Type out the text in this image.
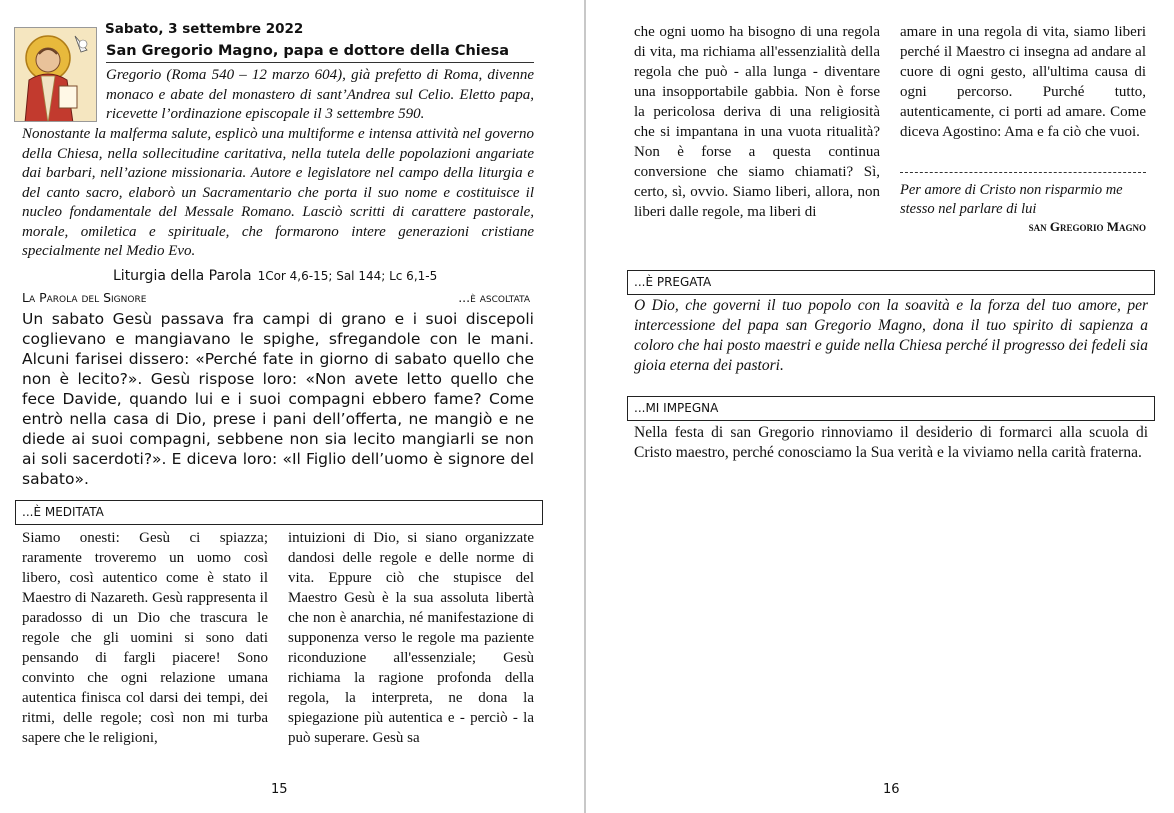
Sabato, 3 settembre 2022
San Gregorio Magno, papa e dottore della Chiesa
Gregorio (Roma 540 – 12 marzo 604), già prefetto di Roma, divenne monaco e abate del monastero di sant’Andrea sul Celio. Eletto papa, ricevette l’ordinazione episcopale il 3 settembre 590.
Nonostante la malferma salute, esplicò una multiforme e intensa attività nel governo della Chiesa, nella sollecitudine caritativa, nella tutela delle popolazioni angariate dai barbari, nell’azione missionaria. Autore e legislatore nel campo della liturgia e del canto sacro, elaborò un Sacramentario che porta il suo nome e costituisce il nucleo fondamentale del Messale Romano. Lasciò scritti di carattere pastorale, morale, omiletica e spirituale, che formarono intere generazioni cristiane specialmente nel Medio Evo.
Liturgia della Parola 1Cor 4,6-15; Sal 144; Lc 6,1-5
La Parola del Signore	...è ascoltata
Un sabato Gesù passava fra campi di grano e i suoi discepoli coglievano e mangiavano le spighe, sfregandole con le mani. Alcuni farisei dissero: «Perché fate in giorno di sabato quello che non è lecito?». Gesù rispose loro: «Non avete letto quello che fece Davide, quando lui e i suoi compagni ebbero fame? Come entrò nella casa di Dio, prese i pani dell’offerta, ne mangiò e ne diede ai suoi compagni, sebbene non sia lecito mangiarli se non ai soli sacerdoti?». E diceva loro: «Il Figlio dell’uomo è signore del sabato».
...È MEDITATA
Siamo onesti: Gesù ci spiazza; raramente troveremo un uomo così libero, così autentico come è stato il Maestro di Nazareth. Gesù rappresenta il paradosso di un Dio che trascura le regole che gli uomini si sono dati pensando di fargli piacere! Sono convinto che ogni relazione umana autentica finisca col darsi dei tempi, dei ritmi, delle regole; così non mi turba sapere che le religioni,
intuizioni di Dio, si siano organizzate dandosi delle regole e delle norme di vita. Eppure ciò che stupisce del Maestro Gesù è la sua assoluta libertà che non è anarchia, né manifestazione di supponenza verso le regole ma paziente riconduzione all'essenziale; Gesù richiama la ragione profonda della regola, la interpreta, ne dona la spiegazione più autentica e - perciò - la può superare. Gesù sa
15
che ogni uomo ha bisogno di una regola di vita, ma richiama all'essenzialità della regola che può - alla lunga - diventare una insopportabile gabbia. Non è forse la pericolosa deriva di una religiosità che si impantana in una vuota ritualità? Non è forse a questa continua conversione che siamo chiamati? Sì, certo, sì, ovvio. Siamo liberi, allora, non liberi dalle regole, ma liberi di
amare in una regola di vita, siamo liberi perché il Maestro ci insegna ad andare al cuore di ogni gesto, all'ultima causa di ogni percorso. Purché tutto, autenticamente, ci porti ad amare. Come diceva Agostino: Ama e fa ciò che vuoi.
Per amore di Cristo non risparmio me stesso nel parlare di lui
san Gregorio Magno
...È PREGATA
O Dio, che governi il tuo popolo con la soavità e la forza del tuo amore, per intercessione del papa san Gregorio Magno, dona il tuo spirito di sapienza a coloro che hai posto maestri e guide nella Chiesa perché il progresso dei fedeli sia gioia eterna dei pastori.
...MI IMPEGNA
Nella festa di san Gregorio rinnoviamo il desiderio di formarci alla scuola di Cristo maestro, perché conosciamo la Sua verità e la viviamo nella carità fraterna.
16
